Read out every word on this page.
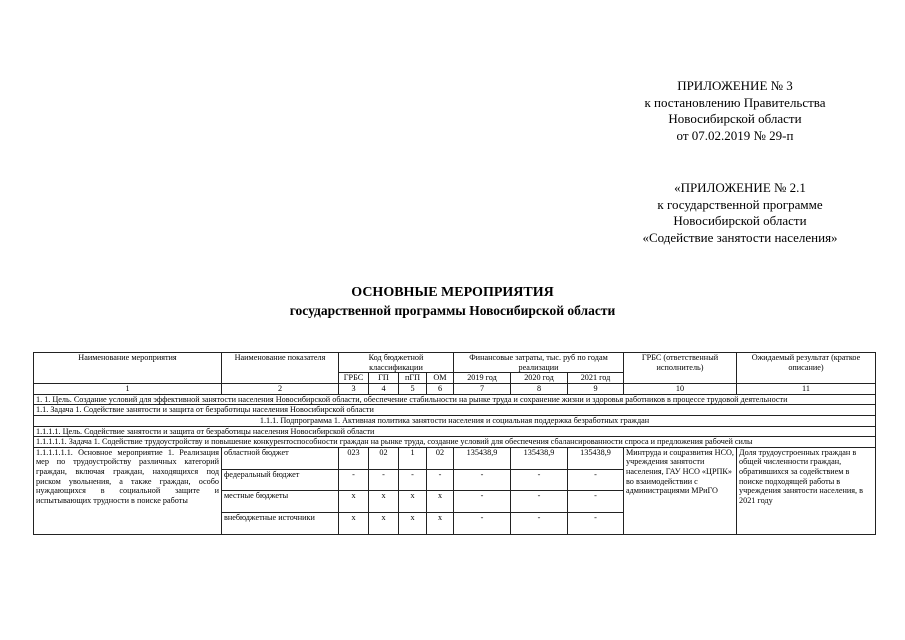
ПРИЛОЖЕНИЕ № 3
к постановлению Правительства
Новосибирской области
от 07.02.2019 № 29-п
«ПРИЛОЖЕНИЕ № 2.1
к государственной программе
Новосибирской области
«Содействие занятости населения»
ОСНОВНЫЕ МЕРОПРИЯТИЯ
государственной программы Новосибирской области
Наименование мероприятия	Наименование показателя	Код бюджетной классификации				Финансовые затраты, тыс. руб по годам реализации			ГРБС (ответственный исполнитель)	Ожидаемый результат (краткое описание)
		ГРБС	ГП	пГП	ОМ	2019 год	2020 год	2021 год		
1	2	3	4	5	6	7	8	9	10	11
1. 1. Цель. Создание условий для эффективной занятости населения Новосибирской области, обеспечение стабильности на рынке труда и сохранение жизни и здоровья работников в процессе трудовой деятельности										
1.1. Задача 1. Содействие занятости и защита от безработицы населения Новосибирской области										
1.1.1. Подпрограмма 1. Активная политика занятости населения и социальная поддержка безработных граждан										
1.1.1.1. Цель. Содействие занятости и защита от безработицы населения Новосибирской области										
1.1.1.1.1. Задача 1. Содействие трудоустройству и повышение конкурентоспособности граждан на рынке труда, создание условий для обеспечения сбалансированности спроса и предложения рабочей силы										
1.1.1.1.1.1. Основное мероприятие 1. Реализация мер по трудоустройству различных категорий граждан, включая граждан, находящихся под риском увольнения, а также граждан, особо нуждающихся в социальной защите и испытывающих трудности в поиске работы	областной бюджет	023	02	1	02	135438,9	135438,9	135438,9	Минтруда и соцразвития НСО, учреждения занятости населения, ГАУ НСО «ЦРПК» во взаимодействии с администрациями МРиГО	Доля трудоустроенных граждан в общей численности граждан, обратившихся за содействием в поиске подходящей работы в учреждения занятости населения, в 2021 году
	федеральный бюджет	-	-	-	-	-	-	-		
	местные бюджеты	x	x	x	x	-	-	-		
	внебюджетные источники	x	x	x	x	-	-	-		
